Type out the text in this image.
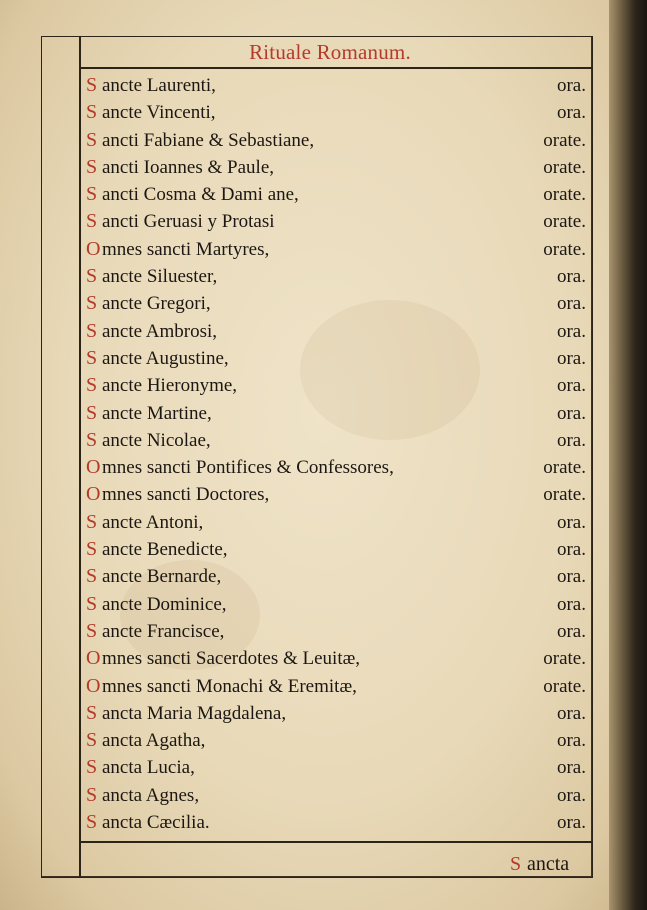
Rituale Romanum.
S ancte Laurenti,	ora.
S ancte Vincenti,	ora.
S ancti Fabiane & Sebastiane,	orate.
S ancti Ioannes & Paule,	orate.
S ancti Cosma & Dami ane,	orate.
S ancti Geruasi y Protasi	orate.
Omnes sancti Martyres,	orate.
S ancte Siluester,	ora.
S ancte Gregori,	ora.
S ancte Ambrosi,	ora.
S ancte Augustine,	ora.
S ancte Hieronyme,	ora.
S ancte Martine,	ora.
S ancte Nicolae,	ora.
Omnes sancti Pontifices & Confessores,	orate.
Omnes sancti Doctores,	orate.
S ancte Antoni,	ora.
S ancte Benedicte,	ora.
S ancte Bernarde,	ora.
S ancte Dominice,	ora.
S ancte Francisce,	ora.
Omnes sancti Sacerdotes & Leuitæ,	orate.
Omnes sancti Monachi & Eremitæ,	orate.
S ancta Maria Magdalena,	ora.
S ancta Agatha,	ora.
S ancta Lucia,	ora.
S ancta Agnes,	ora.
S ancta Cæcilia.	ora.
S ancta
